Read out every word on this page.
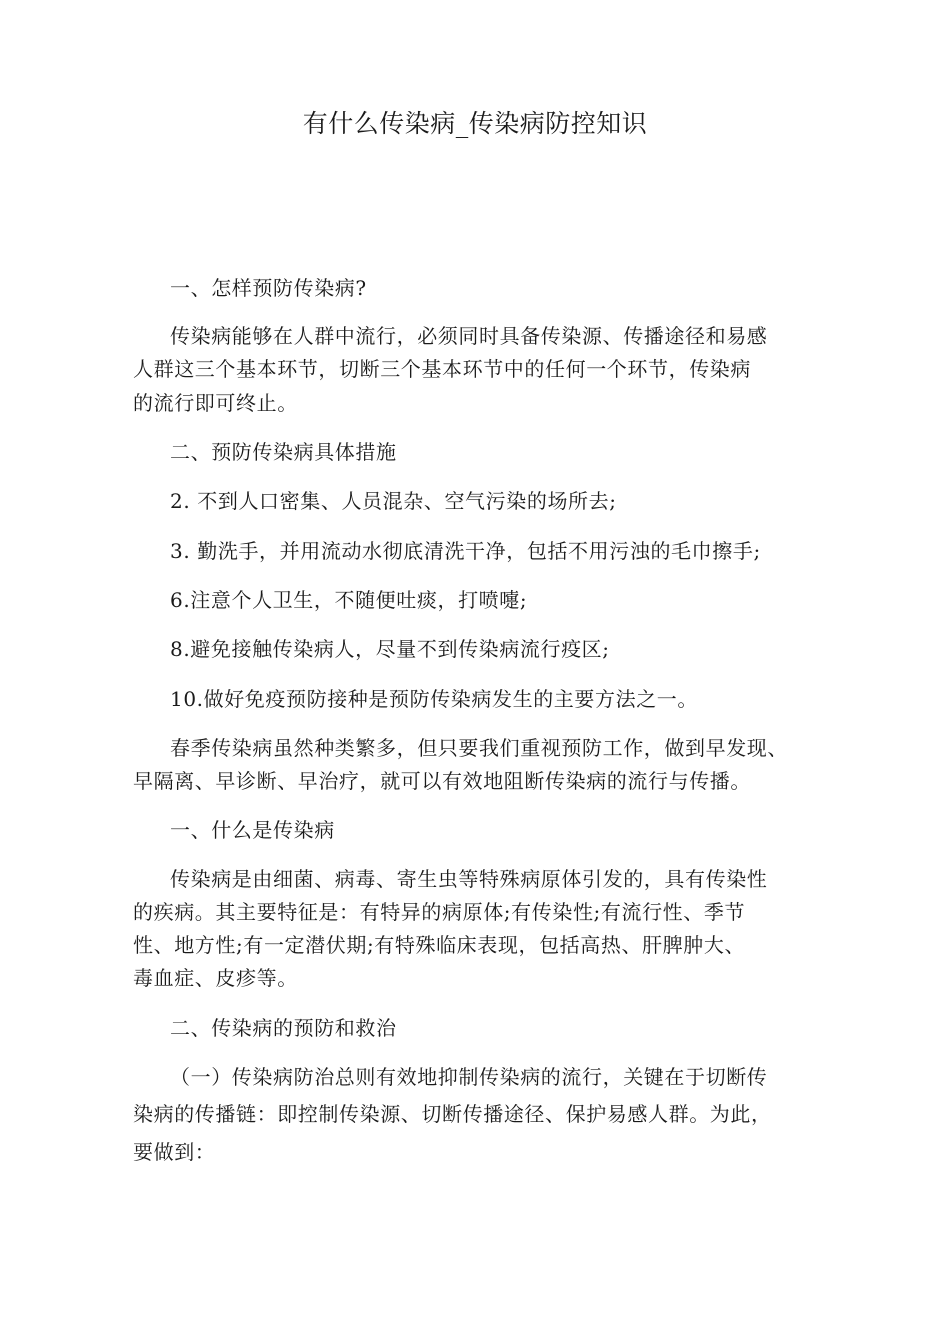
有什么传染病_传染病防控知识
一、怎样预防传染病?
传染病能够在人群中流行，必须同时具备传染源、传播途径和易感
人群这三个基本环节，切断三个基本环节中的任何一个环节，传染病
的流行即可终止。
二、预防传染病具体措施
2. 不到人口密集、人员混杂、空气污染的场所去;
3. 勤洗手，并用流动水彻底清洗干净，包括不用污浊的毛巾擦手;
6.注意个人卫生，不随便吐痰，打喷嚏;
8.避免接触传染病人，尽量不到传染病流行疫区;
10.做好免疫预防接种是预防传染病发生的主要方法之一。
春季传染病虽然种类繁多，但只要我们重视预防工作，做到早发现、
早隔离、早诊断、早治疗，就可以有效地阻断传染病的流行与传播。
一、什么是传染病
传染病是由细菌、病毒、寄生虫等特殊病原体引发的，具有传染性
的疾病。其主要特征是：有特异的病原体;有传染性;有流行性、季节
性、地方性;有一定潜伏期;有特殊临床表现，包括高热、肝脾肿大、
毒血症、皮疹等。
二、传染病的预防和救治
（一）传染病防治总则有效地抑制传染病的流行，关键在于切断传
染病的传播链：即控制传染源、切断传播途径、保护易感人群。为此，
要做到：
